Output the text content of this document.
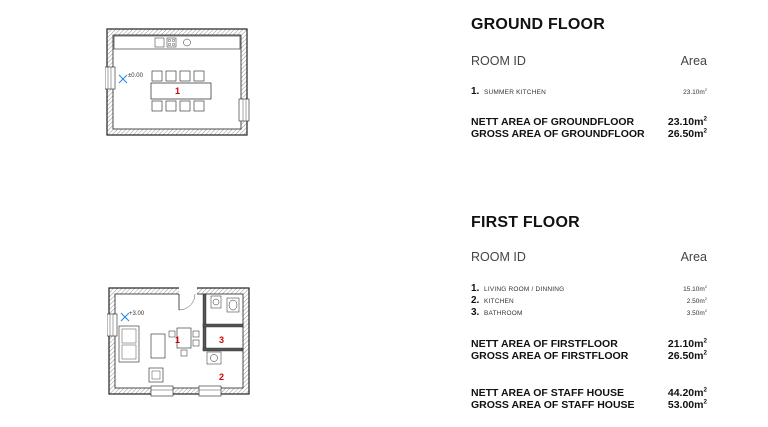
±0.00
1
+3.00
1
2
3
GROUND FLOOR
ROOM ID	Area
1. SUMMER KITCHEN	$23.10m^2$
NETT AREA OF GROUNDFLOOR	$23.10m^2$
GROSS AREA OF GROUNDFLOOR $26.50m^2$
FIRST FLOOR
ROOM ID	Area
1. LIVING ROOM / DINNING	$15.10m^2$
2. KITCHEN	$2.50m^2$
3. BATHROOM	$3.50m^2$
NETT AREA OF FIRSTFLOOR	$21.10m^2$
GROSS AREA OF FIRSTFLOOR	$26.50m^2$
NETT AREA OF STAFF HOUSE	$44.20m^2$
GROSS AREA OF STAFF HOUSE	$53.00m^2$
